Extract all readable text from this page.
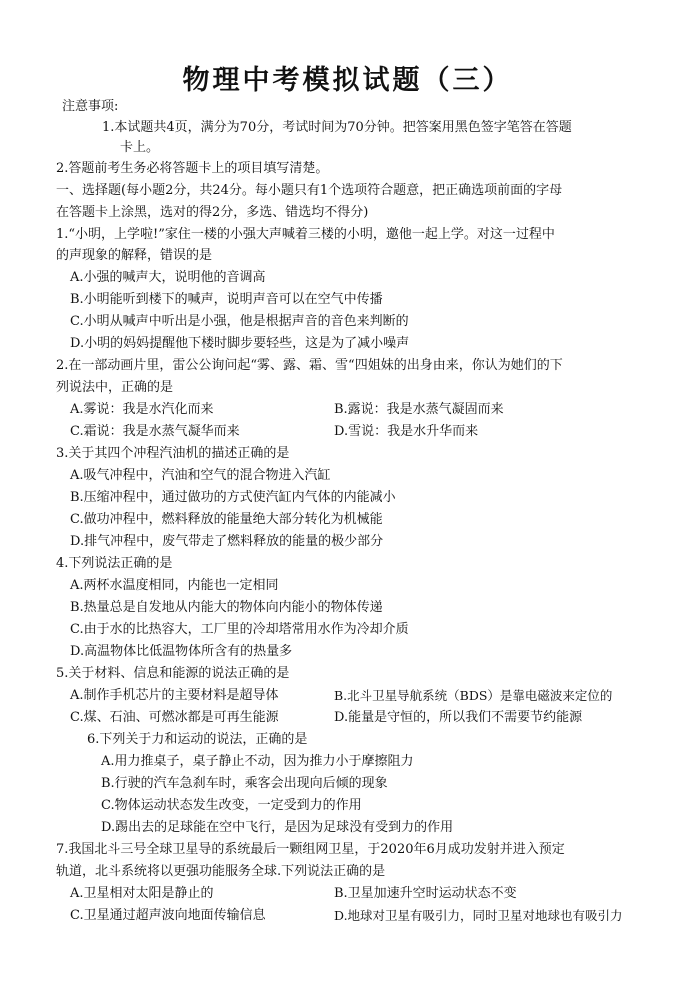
物理中考模拟试题（三）
注意事项:
1.本试题共4页，满分为70分，考试时间为70分钟。把答案用黑色签字笔答在答题
卡上。
2.答题前考生务必将答题卡上的项目填写清楚。
一、选择题(每小题2分，共24分。每小题只有1个选项符合题意，把正确选项前面的字母
在答题卡上涂黑，选对的得2分，多选、错选均不得分)
1.“小明，上学啦!”家住一楼的小强大声喊着三楼的小明，邀他一起上学。对这一过程中
的声现象的解释，错误的是
A.小强的喊声大，说明他的音调高
B.小明能听到楼下的喊声，说明声音可以在空气中传播
C.小明从喊声中听出是小强，他是根据声音的音色来判断的
D.小明的妈妈提醒他下楼时脚步要轻些，这是为了减小噪声
2.在一部动画片里，雷公公询问起“雾、露、霜、雪“四姐妹的出身由来，你认为她们的下
列说法中，正确的是
A.雾说：我是水汽化而来	B.露说：我是水蒸气凝固而来
C.霜说：我是水蒸气凝华而来	D.雪说：我是水升华而来
3.关于其四个冲程汽油机的描述正确的是
A.吸气冲程中，汽油和空气的混合物进入汽缸
B.压缩冲程中，通过做功的方式使汽缸内气体的内能减小
C.做功冲程中，燃料释放的能量绝大部分转化为机械能
D.排气冲程中，废气带走了燃料释放的能量的极少部分
4.下列说法正确的是
A.两杯水温度相同，内能也一定相同
B.热量总是自发地从内能大的物体向内能小的物体传递
C.由于水的比热容大，工厂里的冷却塔常用水作为冷却介质
D.高温物体比低温物体所含有的热量多
5.关于材料、信息和能源的说法正确的是
A.制作手机芯片的主要材料是超导体	B.北斗卫星导航系统（BDS）是靠电磁波来定位的
C.煤、石油、可燃冰都是可再生能源	D.能量是守恒的，所以我们不需要节约能源
6.下列关于力和运动的说法，正确的是
A.用力推桌子，桌子静止不动，因为推力小于摩擦阻力
B.行驶的汽车急刹车时，乘客会出现向后倾的现象
C.物体运动状态发生改变，一定受到力的作用
D.踢出去的足球能在空中飞行，是因为足球没有受到力的作用
7.我国北斗三号全球卫星导的系统最后一颗组网卫星，于2020年6月成功发射并进入预定
轨道，北斗系统将以更强功能服务全球.下列说法正确的是
A.卫星相对太阳是静止的	B.卫星加速升空时运动状态不变
C.卫星通过超声波向地面传输信息	D.地球对卫星有吸引力，同时卫星对地球也有吸引力
